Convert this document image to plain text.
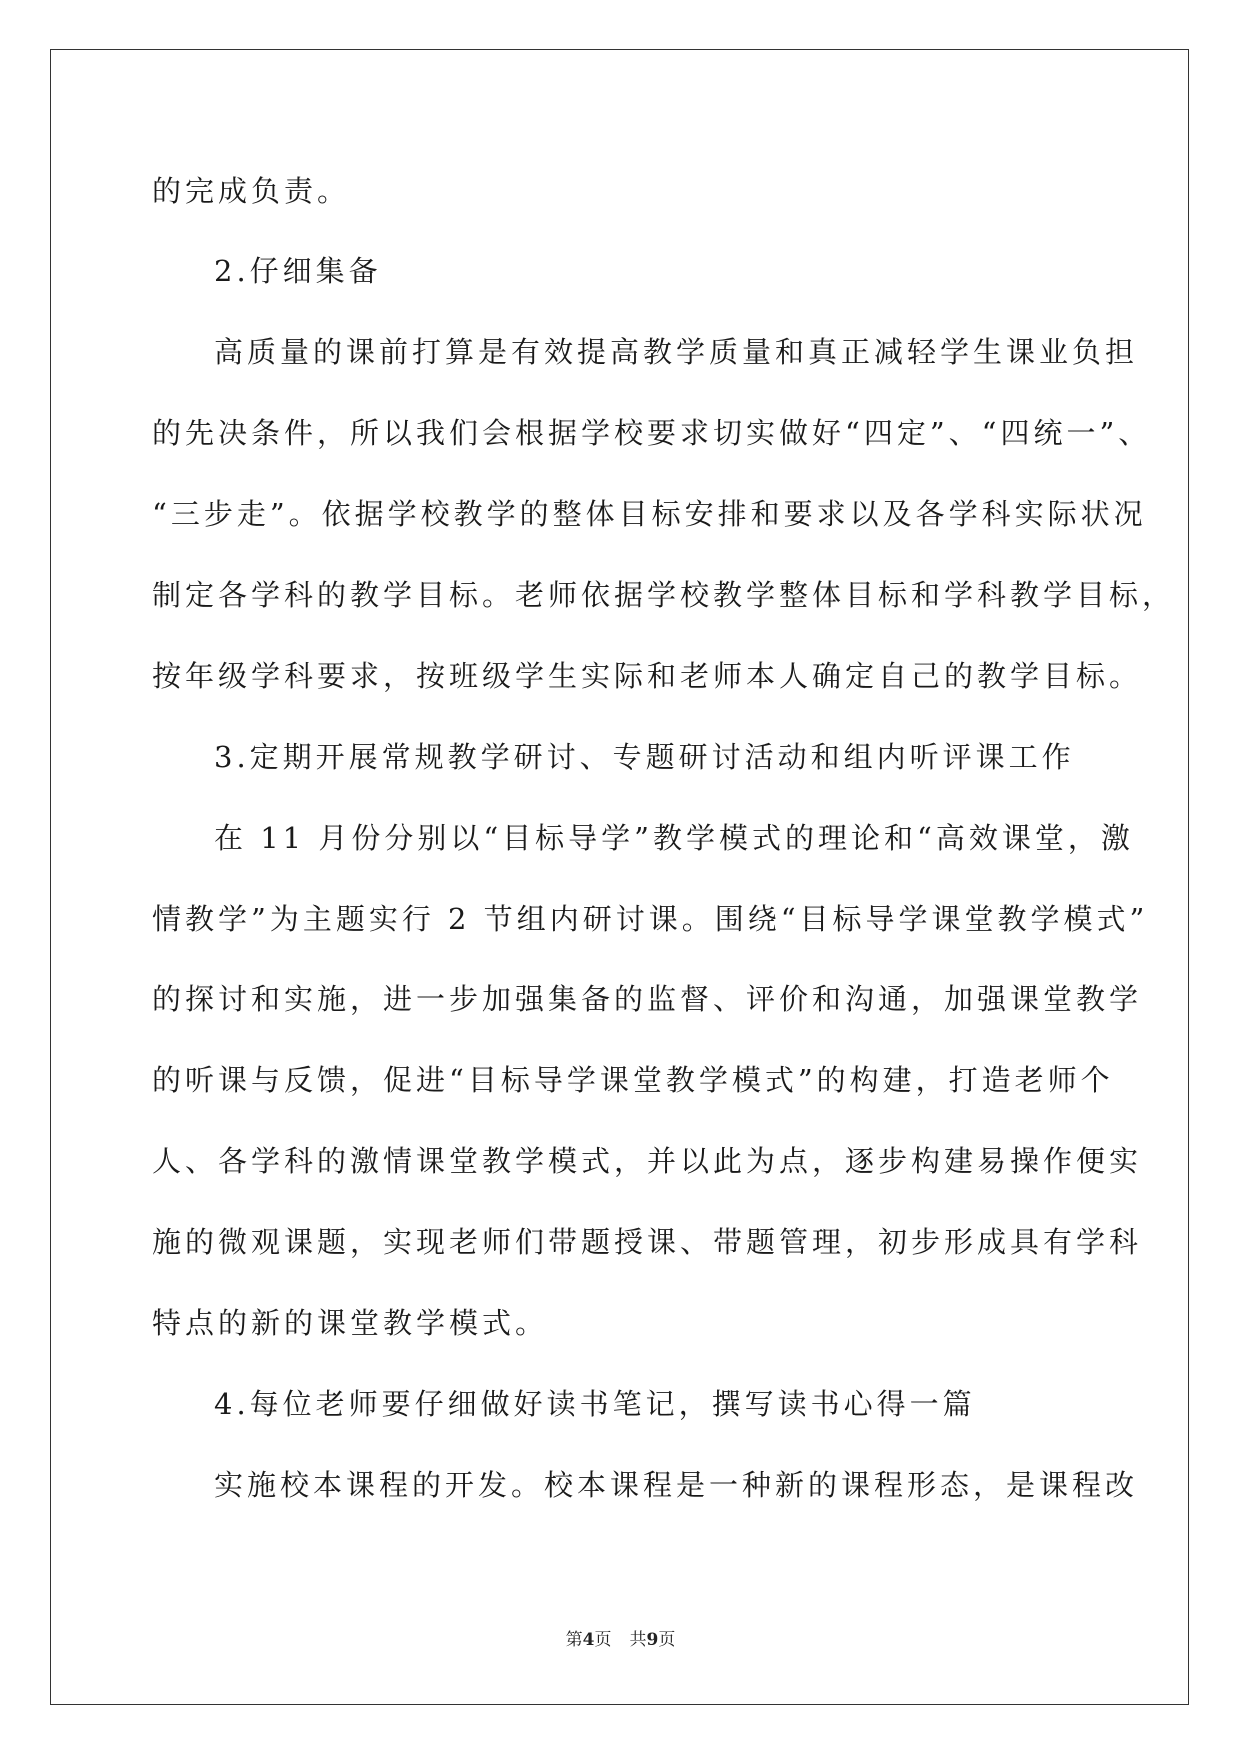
的完成负责。
2.仔细集备
高质量的课前打算是有效提高教学质量和真正减轻学生课业负担
的先决条件，所以我们会根据学校要求切实做好“四定”、“四统一”、
“三步走”。依据学校教学的整体目标安排和要求以及各学科实际状况
制定各学科的教学目标。老师依据学校教学整体目标和学科教学目标，
按年级学科要求，按班级学生实际和老师本人确定自己的教学目标。
3.定期开展常规教学研讨、专题研讨活动和组内听评课工作
在 11 月份分别以“目标导学”教学模式的理论和“高效课堂，激
情教学”为主题实行 2 节组内研讨课。围绕“目标导学课堂教学模式”
的探讨和实施，进一步加强集备的监督、评价和沟通，加强课堂教学
的听课与反馈，促进“目标导学课堂教学模式”的构建，打造老师个
人、各学科的激情课堂教学模式，并以此为点，逐步构建易操作便实
施的微观课题，实现老师们带题授课、带题管理，初步形成具有学科
特点的新的课堂教学模式。
4.每位老师要仔细做好读书笔记，撰写读书心得一篇
实施校本课程的开发。校本课程是一种新的课程形态，是课程改
第4页 共9页
